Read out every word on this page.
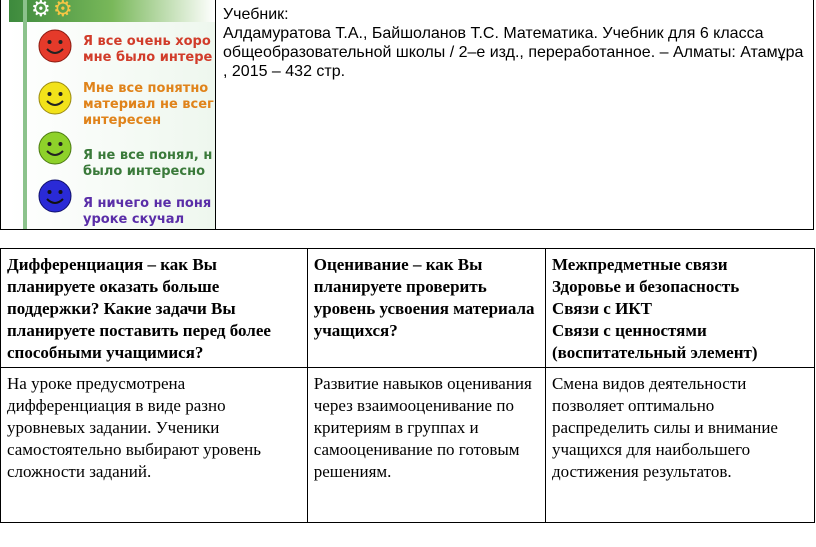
⚙ ⚙
Я все очень хоро
мне было интере
Мне все понятно
материал не всег
интересен
Я не все понял, н
было интересно
Я ничего не поня
уроке скучал
Учебник:
Алдамуратова Т.А., Байшоланов Т.С. Математика. Учебник для 6 класса общеобразовательной школы / 2–е изд., переработанное. – Алматы: Атамұра , 2015 – 432 стр.
Дифференциация – как Вы планируете оказать больше поддержки? Какие задачи Вы планируете поставить перед более способными учащимися?	Оценивание – как Вы планируете проверить уровень усвоения материала учащихся?	Межпредметные связи
Здоровье и безопасность
Связи с ИКТ
Связи с ценностями
(воспитательный элемент)

На уроке предусмотрена дифференциация в виде разно уровневых задании. Ученики самостоятельно выбирают уровень сложности заданий.	Развитие навыков оценивания через взаимооценивание по критериям в группах и самооценивание по готовым решениям.	Смена видов деятельности позволяет оптимально распределить силы и внимание учащихся для наибольшего достижения результатов.
